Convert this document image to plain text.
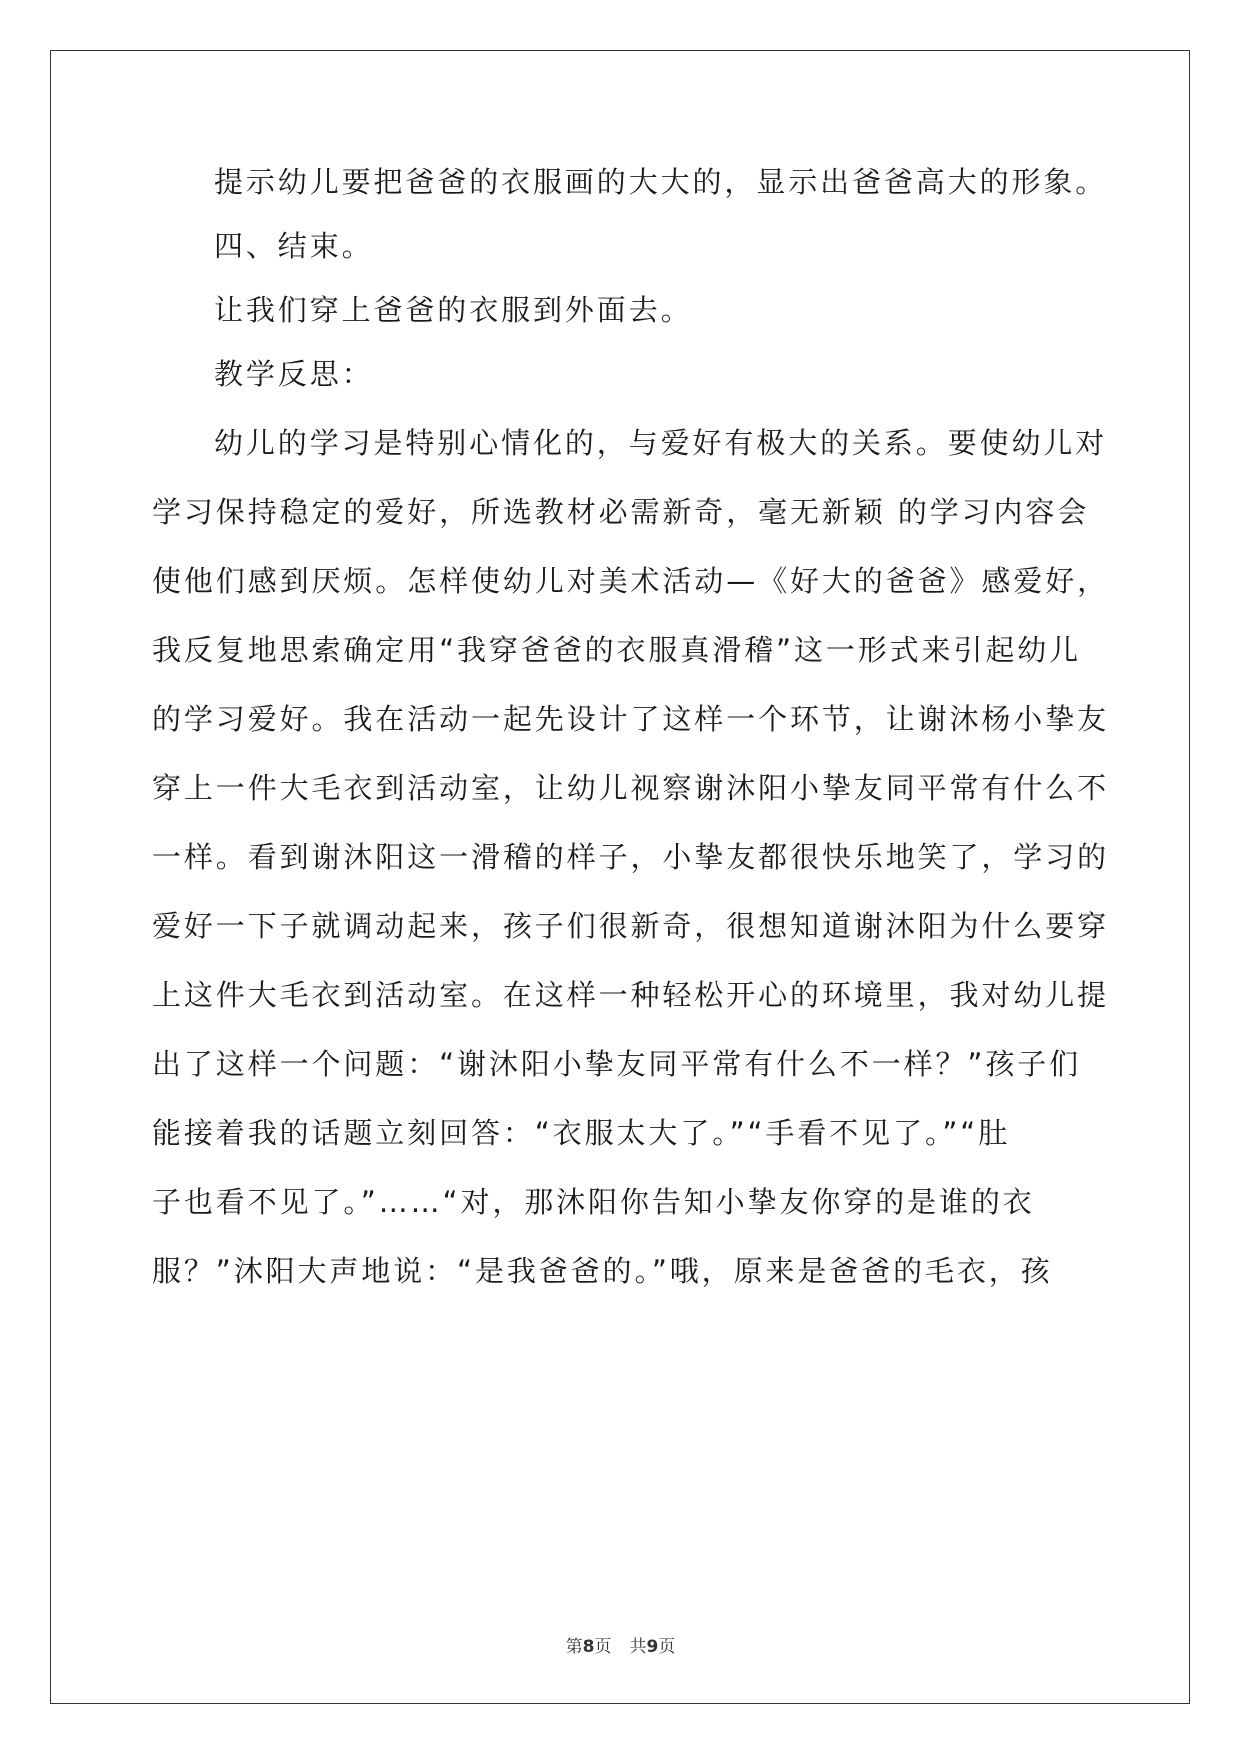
提示幼儿要把爸爸的衣服画的大大的，显示出爸爸高大的形象。
四、结束。
让我们穿上爸爸的衣服到外面去。
教学反思：
幼儿的学习是特别心情化的，与爱好有极大的关系。要使幼儿对
学习保持稳定的爱好，所选教材必需新奇，毫无新颖 的学习内容会
使他们感到厌烦。怎样使幼儿对美术活动—《好大的爸爸》感爱好，
我反复地思索确定用“我穿爸爸的衣服真滑稽”这一形式来引起幼儿
的学习爱好。我在活动一起先设计了这样一个环节，让谢沐杨小挚友
穿上一件大毛衣到活动室，让幼儿视察谢沐阳小挚友同平常有什么不
一样。看到谢沐阳这一滑稽的样子，小挚友都很快乐地笑了，学习的
爱好一下子就调动起来，孩子们很新奇，很想知道谢沐阳为什么要穿
上这件大毛衣到活动室。在这样一种轻松开心的环境里，我对幼儿提
出了这样一个问题：“谢沐阳小挚友同平常有什么不一样？”孩子们
能接着我的话题立刻回答：“衣服太大了。”“手看不见了。”“肚
子也看不见了。”……“对，那沐阳你告知小挚友你穿的是谁的衣
服？”沐阳大声地说：“是我爸爸的。”哦，原来是爸爸的毛衣，孩
第8页 共9页
